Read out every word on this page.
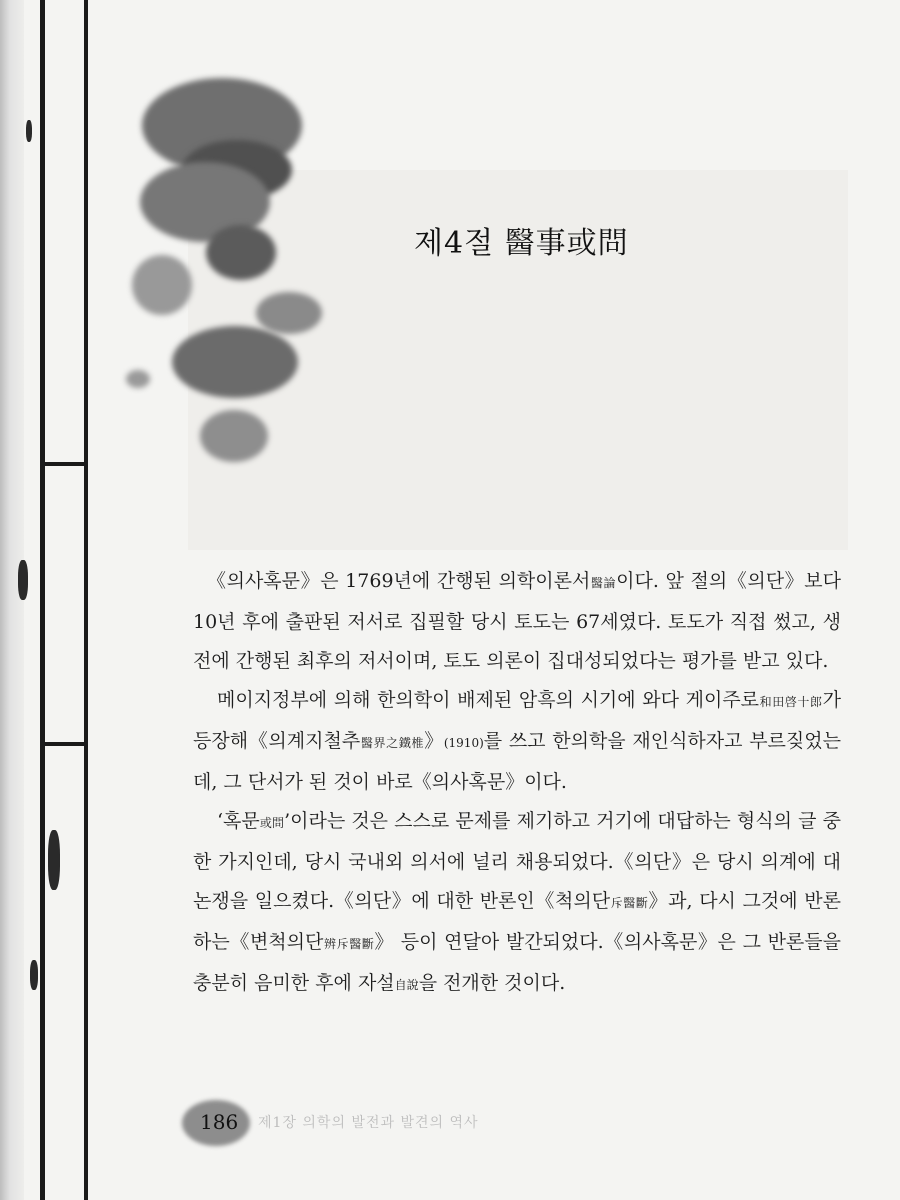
제4절 醫事或問

《의사혹문》은 1769년에 간행된 의학이론서醫論이다. 앞 절의《의단》보다 10년 후에 출판된 저서로 집필할 당시 토도는 67세였다. 토도가 직접 썼고, 생전에 간행된 최후의 저서이며, 토도 의론이 집대성되었다는 평가를 받고 있다.

메이지정부에 의해 한의학이 배제된 암흑의 시기에 와다 게이주로和田啓十郎가 등장해《의계지철추醫界之鐵椎》(1910)를 쓰고 한의학을 재인식하자고 부르짖었는데, 그 단서가 된 것이 바로《의사혹문》이다.

‘혹문或問’이라는 것은 스스로 문제를 제기하고 거기에 대답하는 형식의 글 중 한 가지인데, 당시 국내외 의서에 널리 채용되었다.《의단》은 당시 의계에 대논쟁을 일으켰다.《의단》에 대한 반론인《척의단斥醫斷》과, 다시 그것에 반론하는《변척의단辨斥醫斷》 등이 연달아 발간되었다.《의사혹문》은 그 반론들을 충분히 음미한 후에 자설自說을 전개한 것이다.

186 제1장 의학의 발전과 발견의 역사
